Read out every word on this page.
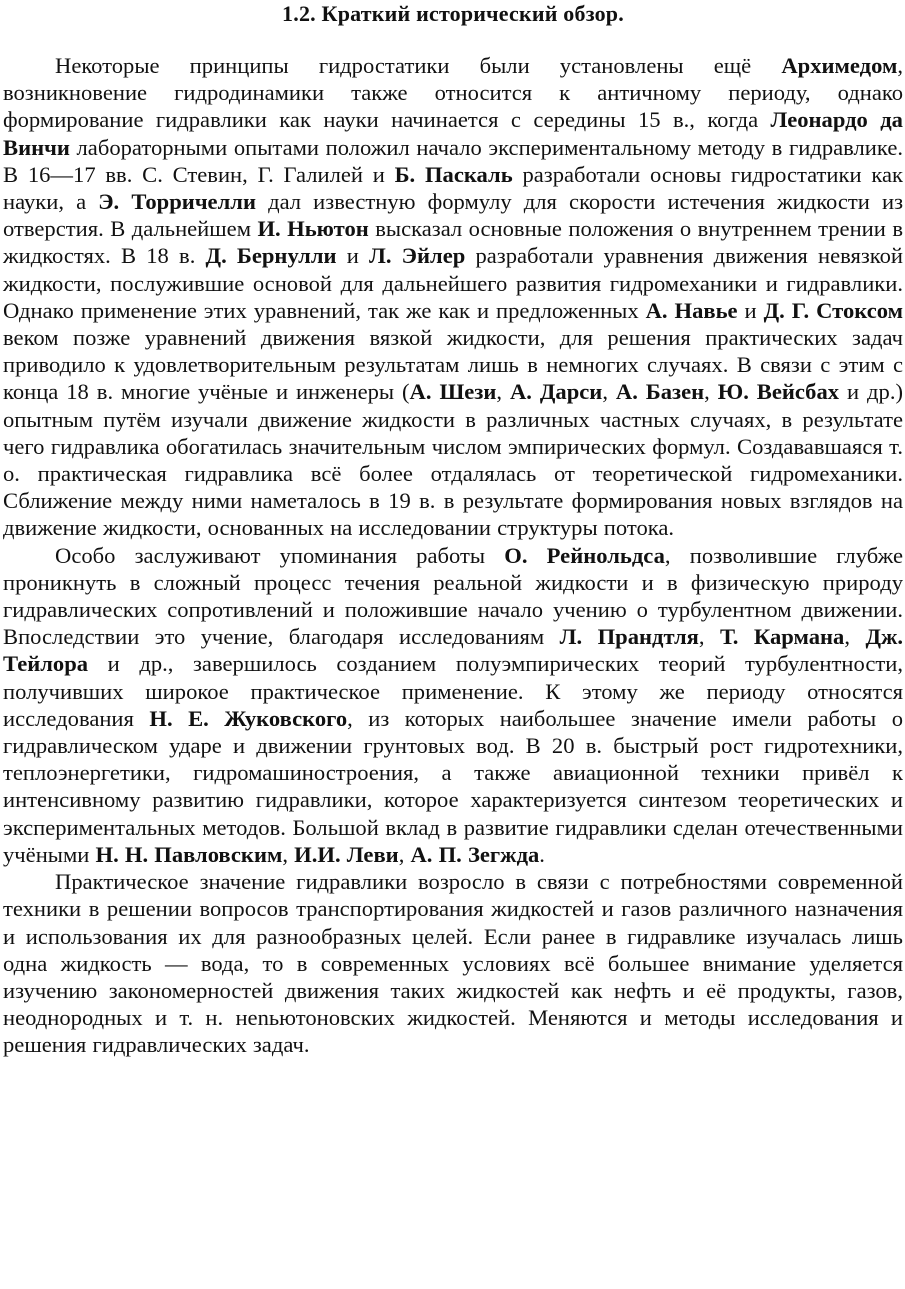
1.2. Краткий исторический обзор.

Некоторые принципы гидростатики были установлены ещё Архимедом, возникновение гидродинамики также относится к античному периоду, однако формирование гидравлики как науки начинается с середины 15 в., когда Леонардо да Винчи лабораторными опытами положил начало экспериментальному методу в гидравлике. В 16—17 вв. С. Стевин, Г. Галилей и Б. Паскаль разработали основы гидростатики как науки, а Э. Торричелли дал известную формулу для скорости истечения жидкости из отверстия. В дальнейшем И. Ньютон высказал основные положения о внутреннем трении в жидкостях. В 18 в. Д. Бернулли и Л. Эйлер разработали уравнения движения невязкой жидкости, послужившие основой для дальнейшего развития гидромеханики и гидравлики. Однако применение этих уравнений, так же как и предложенных А. Навье и Д. Г. Стоксом веком позже уравнений движения вязкой жидкости, для решения практических задач приводило к удовлетворительным результатам лишь в немногих случаях. В связи с этим с конца 18 в. многие учёные и инженеры (А. Шези, А. Дарси, А. Базен, Ю. Вейсбах и др.) опытным путём изучали движение жидкости в различных частных случаях, в результате чего гидравлика обогатилась значительным числом эмпирических формул. Создававшаяся т. о. практическая гидравлика всё более отдалялась от теоретической гидромеханики. Сближение между ними наметалось в 19 в. в результате формирования новых взглядов на движение жидкости, основанных на исследовании структуры потока.

Особо заслуживают упоминания работы О. Рейнольдса, позволившие глубже проникнуть в сложный процесс течения реальной жидкости и в физическую природу гидравлических сопротивлений и положившие начало учению о турбулентном движении. Впоследствии это учение, благодаря исследованиям Л. Прандтля, Т. Кармана, Дж. Тейлора и др., завершилось созданием полуэмпирических теорий турбулентности, получивших широкое практическое применение. К этому же периоду относятся исследования Н. Е. Жуковского, из которых наибольшее значение имели работы о гидравлическом ударе и движении грунтовых вод. В 20 в. быстрый рост гидротехники, теплоэнергетики, гидромашиностроения, а также авиационной техники привёл к интенсивному развитию гидравлики, которое характеризуется синтезом теоретических и экспериментальных методов. Большой вклад в развитие гидравлики сделан отечественными учёными Н. Н. Павловским, И.И. Леви, А. П. Зегжда.

Практическое значение гидравлики возросло в связи с потребностями современной техники в решении вопросов транспортирования жидкостей и газов различного назначения и использования их для разнообразных целей. Если ранее в гидравлике изучалась лишь одна жидкость — вода, то в современных условиях всё большее внимание уделяется изучению закономерностей движения таких жидкостей как нефть и её продукты, газов, неоднородных и т. н. нenьютоновских жидкостей. Меняются и методы исследования и решения гидравлических задач.
